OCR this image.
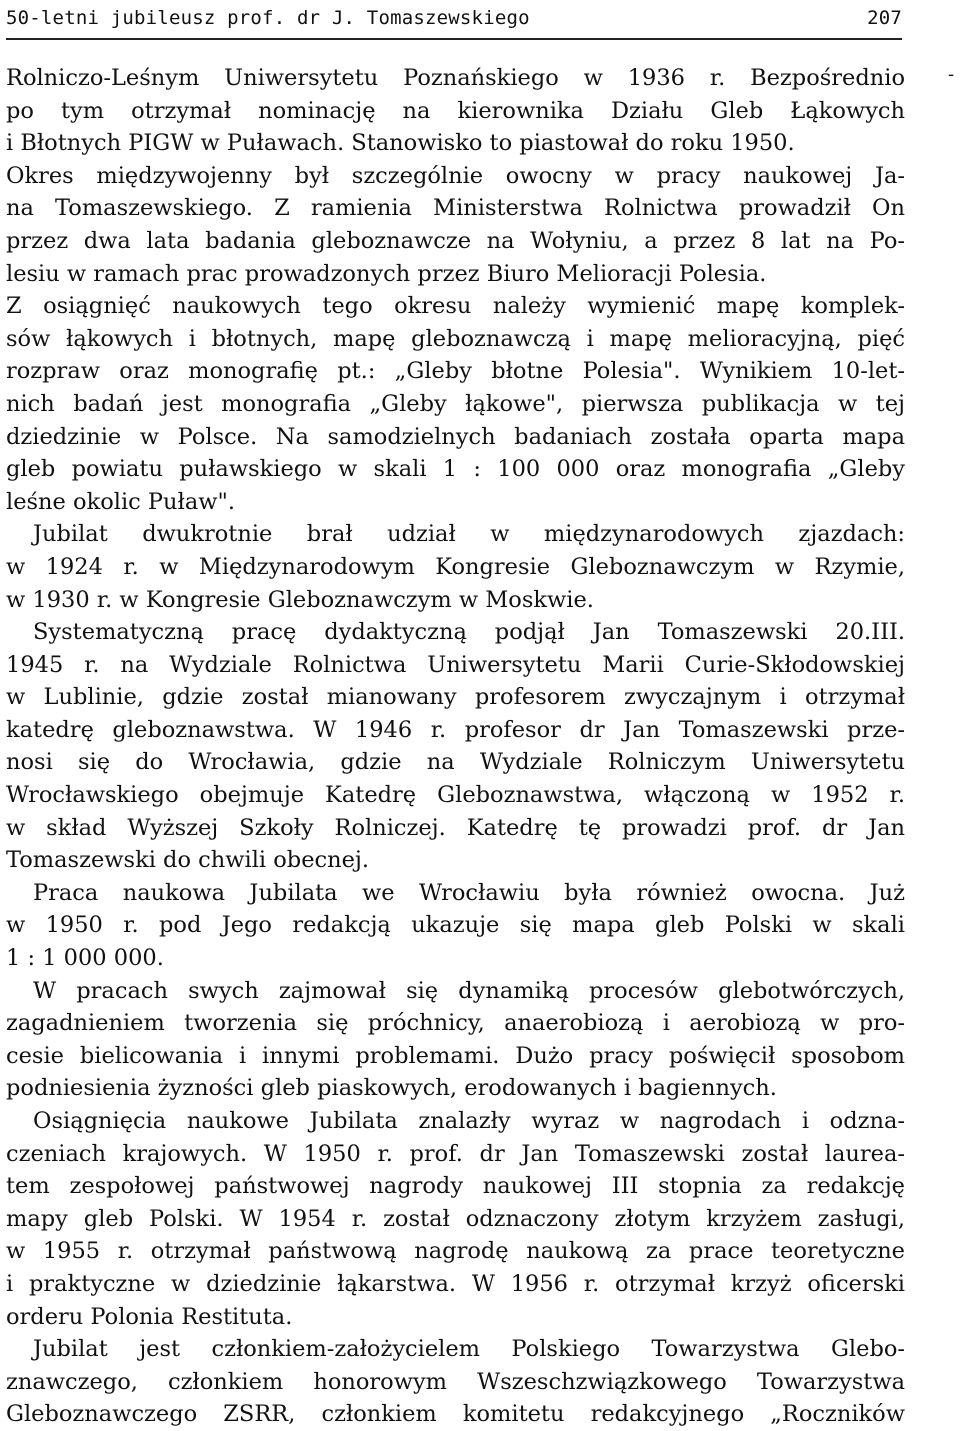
50-letni jubileusz prof. dr J. Tomaszewskiego	207
-
Rolniczo-Leśnym Uniwersytetu Poznańskiego w 1936 r. Bezpośrednio
po tym otrzymał nominację na kierownika Działu Gleb Łąkowych
i Błotnych PIGW w Puławach. Stanowisko to piastował do roku 1950.
Okres międzywojenny był szczególnie owocny w pracy naukowej Ja-
na Tomaszewskiego. Z ramienia Ministerstwa Rolnictwa prowadził On
przez dwa lata badania gleboznawcze na Wołyniu, a przez 8 lat na Po-
lesiu w ramach prac prowadzonych przez Biuro Melioracji Polesia.
Z osiągnięć naukowych tego okresu należy wymienić mapę komplek-
sów łąkowych i błotnych, mapę gleboznawczą i mapę melioracyjną, pięć
rozpraw oraz monografię pt.: „Gleby błotne Polesia". Wynikiem 10-let-
nich badań jest monografia „Gleby łąkowe", pierwsza publikacja w tej
dziedzinie w Polsce. Na samodzielnych badaniach została oparta mapa
gleb powiatu puławskiego w skali 1 : 100 000 oraz monografia „Gleby
leśne okolic Puław".
Jubilat dwukrotnie brał udział w międzynarodowych zjazdach:
w 1924 r. w Międzynarodowym Kongresie Gleboznawczym w Rzymie,
w 1930 r. w Kongresie Gleboznawczym w Moskwie.
Systematyczną pracę dydaktyczną podjął Jan Tomaszewski 20.III.
1945 r. na Wydziale Rolnictwa Uniwersytetu Marii Curie-Skłodowskiej
w Lublinie, gdzie został mianowany profesorem zwyczajnym i otrzymał
katedrę gleboznawstwa. W 1946 r. profesor dr Jan Tomaszewski prze-
nosi się do Wrocławia, gdzie na Wydziale Rolniczym Uniwersytetu
Wrocławskiego obejmuje Katedrę Gleboznawstwa, włączoną w 1952 r.
w skład Wyższej Szkoły Rolniczej. Katedrę tę prowadzi prof. dr Jan
Tomaszewski do chwili obecnej.
Praca naukowa Jubilata we Wrocławiu była również owocna. Już
w 1950 r. pod Jego redakcją ukazuje się mapa gleb Polski w skali
1 : 1 000 000.
W pracach swych zajmował się dynamiką procesów glebotwórczych,
zagadnieniem tworzenia się próchnicy, anaerobiozą i aerobiozą w pro-
cesie bielicowania i innymi problemami. Dużo pracy poświęcił sposobom
podniesienia żyzności gleb piaskowych, erodowanych i bagiennych.
Osiągnięcia naukowe Jubilata znalazły wyraz w nagrodach i odzna-
czeniach krajowych. W 1950 r. prof. dr Jan Tomaszewski został laurea-
tem zespołowej państwowej nagrody naukowej III stopnia za redakcję
mapy gleb Polski. W 1954 r. został odznaczony złotym krzyżem zasługi,
w 1955 r. otrzymał państwową nagrodę naukową za prace teoretyczne
i praktyczne w dziedzinie łąkarstwa. W 1956 r. otrzymał krzyż oficerski
orderu Polonia Restituta.
Jubilat jest członkiem-założycielem Polskiego Towarzystwa Glebo-
znawczego, członkiem honorowym Wszeschzwiązkowego Towarzystwa
Gleboznawczego ZSRR, członkiem komitetu redakcyjnego „Roczników
